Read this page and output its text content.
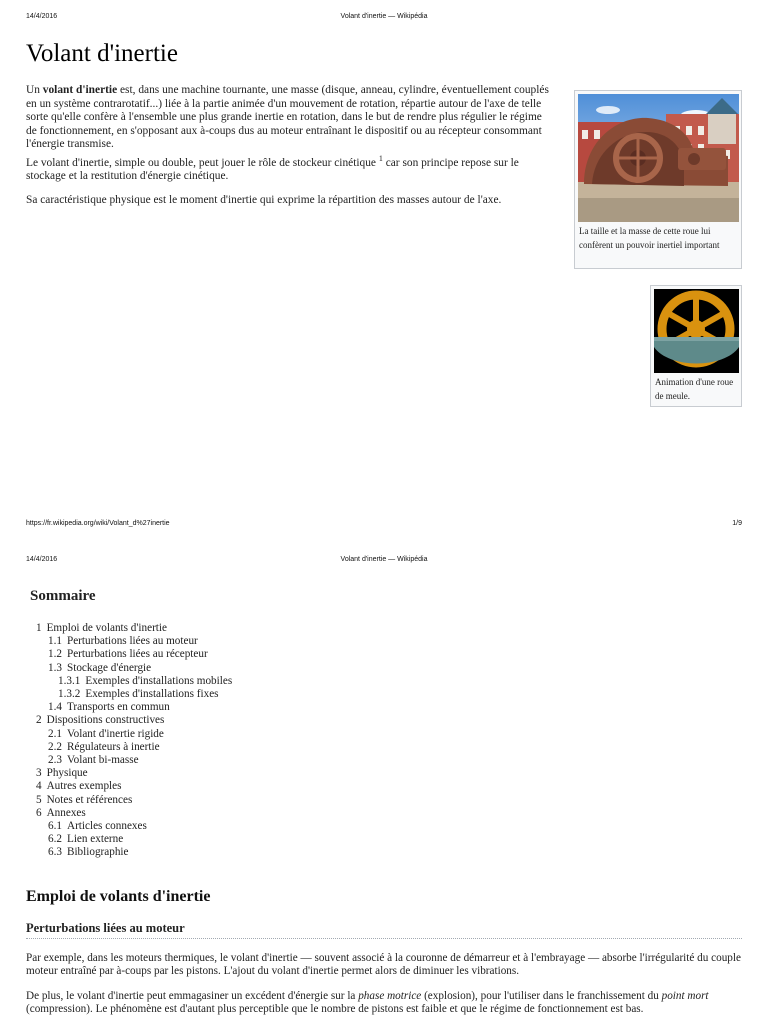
14/4/2016	Volant d'inertie — Wikipédia
Volant d'inertie

Un volant d'inertie est, dans une machine tournante, une masse (disque, anneau, cylindre, éventuellement couplés en un système contrarotatif...) liée à la partie animée d'un mouvement de rotation, répartie autour de l'axe de telle sorte qu'elle confère à l'ensemble une plus grande inertie en rotation, dans le but de rendre plus régulier le régime de fonctionnement, en s'opposant aux à-coups dus au moteur entraînant le dispositif ou au récepteur consommant l'énergie transmise.
Le volant d'inertie, simple ou double, peut jouer le rôle de stockeur cinétique $^1$ car son principe repose sur le stockage et la restitution d'énergie cinétique.

Sa caractéristique physique est le moment d'inertie qui exprime la répartition des masses autour de l'axe.

La taille et la masse de cette roue lui confèrent un pouvoir inertiel important
Animation d'une roue de meule.
https://fr.wikipedia.org/wiki/Volant_d%27inertie	1/9
14/4/2016	Volant d'inertie — Wikipédia
Sommaire
1 Emploi de volants d'inertie
1.1 Perturbations liées au moteur
1.2 Perturbations liées au récepteur
1.3 Stockage d'énergie
1.3.1 Exemples d'installations mobiles
1.3.2 Exemples d'installations fixes
1.4 Transports en commun
2 Dispositions constructives
2.1 Volant d'inertie rigide
2.2 Régulateurs à inertie
2.3 Volant bi-masse
3 Physique
4 Autres exemples
5 Notes et références
6 Annexes
6.1 Articles connexes
6.2 Lien externe
6.3 Bibliographie
Emploi de volants d'inertie
Perturbations liées au moteur

Par exemple, dans les moteurs thermiques, le volant d'inertie — souvent associé à la couronne de démarreur et à l'embrayage — absorbe l'irrégularité du couple moteur entraîné par à-coups par les pistons. L'ajout du volant d'inertie permet alors de diminuer les vibrations.

De plus, le volant d'inertie peut emmagasiner un excédent d'énergie sur la phase motrice (explosion), pour l'utiliser dans le franchissement du point mort (compression). Le phénomène est d'autant plus perceptible que le nombre de pistons est faible et que le régime de fonctionnement est bas.
